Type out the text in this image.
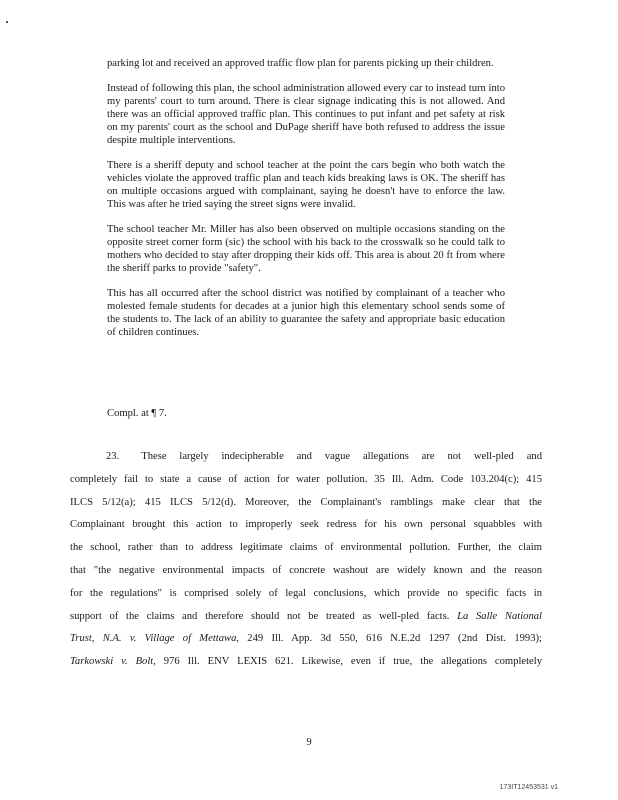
parking lot and received an approved traffic flow plan for parents picking up their children.

Instead of following this plan, the school administration allowed every car to instead turn into my parents' court to turn around. There is clear signage indicating this is not allowed. And there was an official approved traffic plan. This continues to put infant and pet safety at risk on my parents' court as the school and DuPage sheriff have both refused to address the issue despite multiple interventions.

There is a sheriff deputy and school teacher at the point the cars begin who both watch the vehicles violate the approved traffic plan and teach kids breaking laws is OK. The sheriff has on multiple occasions argued with complainant, saying he doesn't have to enforce the law. This was after he tried saying the street signs were invalid.

The school teacher Mr. Miller has also been observed on multiple occasions standing on the opposite street corner form (sic) the school with his back to the crosswalk so he could talk to mothers who decided to stay after dropping their kids off. This area is about 20 ft from where the sheriff parks to provide "safety".

This has all occurred after the school district was notified by complainant of a teacher who molested female students for decades at a junior high this elementary school sends some of the students to. The lack of an ability to guarantee the safety and appropriate basic education of children continues.

Compl. at ¶ 7.
23. These largely indecipherable and vague allegations are not well-pled and
completely fail to state a cause of action for water pollution. 35 Ill. Adm. Code 103.204(c); 415
ILCS 5/12(a); 415 ILCS 5/12(d). Moreover, the Complainant's ramblings make clear that the
Complainant brought this action to improperly seek redress for his own personal squabbles with
the school, rather than to address legitimate claims of environmental pollution. Further, the claim
that "the negative environmental impacts of concrete washout are widely known and the reason
for the regulations" is comprised solely of legal conclusions, which provide no specific facts in
support of the claims and therefore should not be treated as well-pled facts. La Salle National
Trust, N.A. v. Village of Mettawa, 249 Ill. App. 3d 550, 616 N.E.2d 1297 (2nd Dist. 1993);
Tarkowski v. Bolt, 976 Ill. ENV LEXIS 621. Likewise, even if true, the allegations completely
9
173IT12453531 v1
